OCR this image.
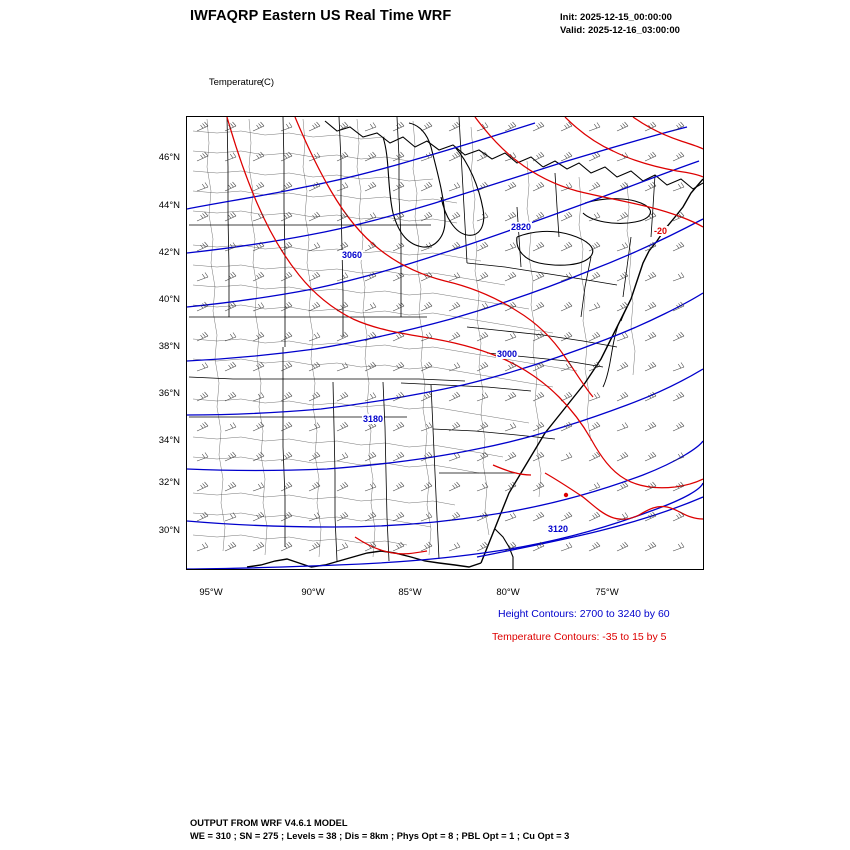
IWFAQRP Eastern US Real Time WRF	Init: 2025-12-15_00:00:00
Valid: 2025-12-16_03:00:00

Temperature(C)

2820
3060
3000
3180
3120
-20
46°N
44°N
42°N
40°N
38°N
36°N
34°N
32°N
30°N
95°W	90°W	85°W	80°W	75°W
Height Contours: 2700 to 3240 by 60
Temperature Contours: -35 to 15 by 5
OUTPUT FROM WRF V4.6.1 MODEL
WE = 310 ; SN = 275 ; Levels = 38 ; Dis = 8km ; Phys Opt = 8 ; PBL Opt = 1 ; Cu Opt = 3
